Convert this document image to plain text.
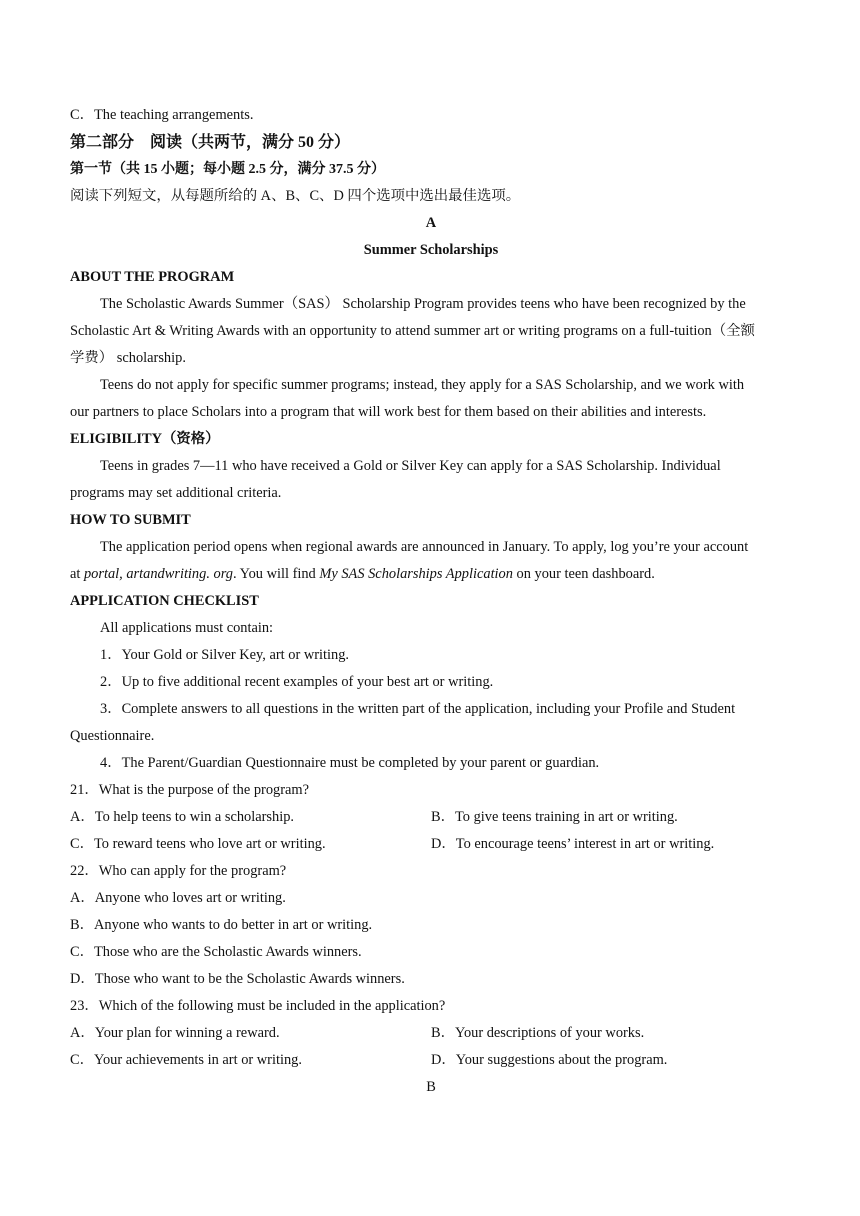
C．The teaching arrangements.
第二部分　阅读（共两节，满分 50 分）
第一节（共 15 小题；每小题 2.5 分，满分 37.5 分）
阅读下列短文，从每题所给的 A、B、C、D 四个选项中选出最佳选项。
A
Summer Scholarships
ABOUT THE PROGRAM
The Scholastic Awards Summer（SAS） Scholarship Program provides teens who have been recognized by the
Scholastic Art & Writing Awards with an opportunity to attend summer art or writing programs on a full-tuition（全额
学费） scholarship.
Teens do not apply for specific summer programs; instead, they apply for a SAS Scholarship, and we work with
our partners to place Scholars into a program that will work best for them based on their abilities and interests.
ELIGIBILITY（资格）
Teens in grades 7—11 who have received a Gold or Silver Key can apply for a SAS Scholarship. Individual
programs may set additional criteria.
HOW TO SUBMIT
The application period opens when regional awards are announced in January. To apply, log you’re your account
at portal, artandwriting. org. You will find My SAS Scholarships Application on your teen dashboard.
APPLICATION CHECKLIST
All applications must contain:
1．Your Gold or Silver Key, art or writing.
2．Up to five additional recent examples of your best art or writing.
3．Complete answers to all questions in the written part of the application, including your Profile and Student
Questionnaire.
4．The Parent/Guardian Questionnaire must be completed by your parent or guardian.
21．What is the purpose of the program?
A．To help teens to win a scholarship.	B．To give teens training in art or writing.
C．To reward teens who love art or writing.	D．To encourage teens’ interest in art or writing.
22．Who can apply for the program?
A．Anyone who loves art or writing.
B．Anyone who wants to do better in art or writing.
C．Those who are the Scholastic Awards winners.
D．Those who want to be the Scholastic Awards winners.
23．Which of the following must be included in the application?
A．Your plan for winning a reward.	B．Your descriptions of your works.
C．Your achievements in art or writing.	D．Your suggestions about the program.
B
